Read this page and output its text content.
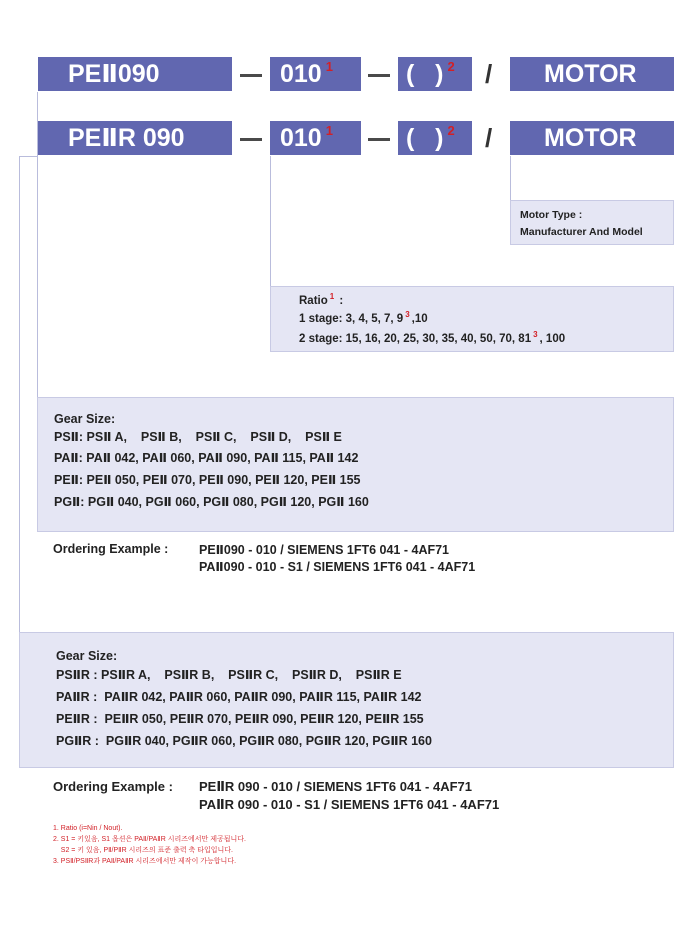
PEⅡ090	010 $^1$	(   ) $^2$	/	MOTOR
PEⅡR 090	010 $^1$	(   ) $^2$	/	MOTOR
Motor Type :
Manufacturer And Model
Ratio $^1$ :
1 stage: 3, 4, 5, 7, 9 $^3$ ,10
2 stage: 15, 16, 20, 25, 30, 35, 40, 50, 70, 81 $^3$ , 100
Gear Size:
PSⅡ: PSⅡ A,    PSⅡ B,    PSⅡ C,    PSⅡ D,    PSⅡ E
PAⅡ: PAⅡ 042, PAⅡ 060, PAⅡ 090, PAⅡ 115, PAⅡ 142
PEⅡ: PEⅡ 050, PEⅡ 070, PEⅡ 090, PEⅡ 120, PEⅡ 155
PGⅡ: PGⅡ 040, PGⅡ 060, PGⅡ 080, PGⅡ 120, PGⅡ 160
Ordering Example : PEⅡ090 - 010 / SIEMENS 1FT6 041 - 4AF71
PAⅡ090 - 010 - S1 / SIEMENS 1FT6 041 - 4AF71
Gear Size:
PSⅡR : PSⅡR A,    PSⅡR B,    PSⅡR C,    PSⅡR D,    PSⅡR E
PAⅡR :  PAⅡR 042, PAⅡR 060, PAⅡR 090, PAⅡR 115, PAⅡR 142
PEⅡR :  PEⅡR 050, PEⅡR 070, PEⅡR 090, PEⅡR 120, PEⅡR 155
PGⅡR :  PGⅡR 040, PGⅡR 060, PGⅡR 080, PGⅡR 120, PGⅡR 160
Ordering Example : PEⅡR 090 - 010 / SIEMENS 1FT6 041 - 4AF71
PAⅡR 090 - 010 - S1 / SIEMENS 1FT6 041 - 4AF71
1. Ratio (i=Nin / Nout).
2. S1 = 키있음, S1 옵션은 PAⅡ/PAⅡR 시리즈에서만 제공됩니다.
S2 = 키 있음, PⅡ/PⅡR 시리즈의 표준 출력 축 타입입니다.
3. PSⅡ/PSⅡR과 PAⅡ/PAⅡR 시리즈에서만 제작이 가능합니다.
